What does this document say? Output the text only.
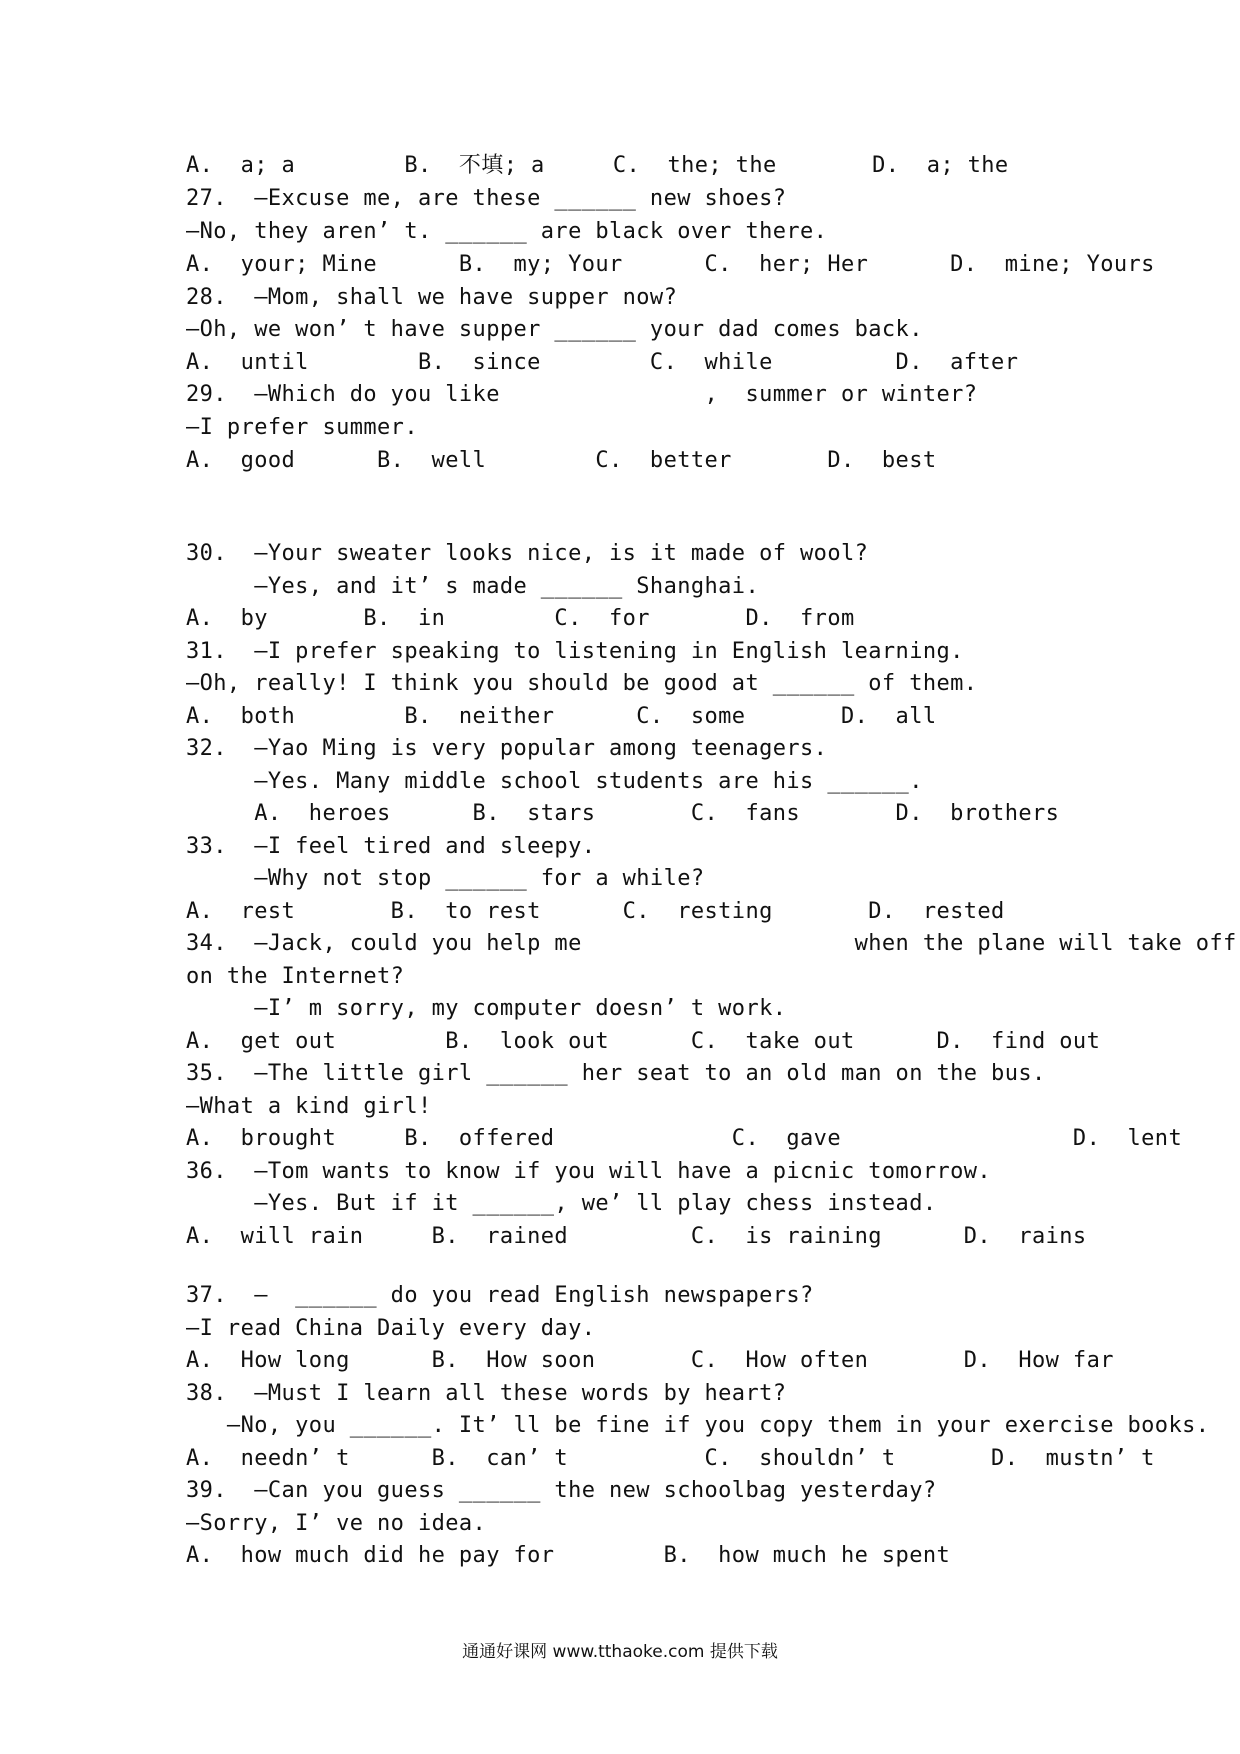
A.  a; a        B.  不填; a     C.  the; the       D.  a; the
27.  —Excuse me, are these ______ new shoes?
—No, they aren’ t. ______ are black over there.
A.  your; Mine      B.  my; Your      C.  her; Her      D.  mine; Yours
28.  —Mom, shall we have supper now?
—Oh, we won’ t have supper ______ your dad comes back.
A.  until        B.  since        C.  while         D.  after
29.  —Which do you like               ,  summer or winter?
—I prefer summer.
A.  good      B.  well        C.  better       D.  best
30.  —Your sweater looks nice, is it made of wool?
—Yes, and it’ s made ______ Shanghai.
A.  by       B.  in        C.  for       D.  from
31.  —I prefer speaking to listening in English learning.
—Oh, really! I think you should be good at ______ of them.
A.  both        B.  neither      C.  some       D.  all
32.  —Yao Ming is very popular among teenagers.
—Yes. Many middle school students are his ______.
A.  heroes      B.  stars       C.  fans       D.  brothers
33.  —I feel tired and sleepy.
—Why not stop ______ for a while?
A.  rest       B.  to rest      C.  resting       D.  rested
34.  —Jack, could you help me                    when the plane will take off
on the Internet?
—I’ m sorry, my computer doesn’ t work.
A.  get out        B.  look out      C.  take out      D.  find out
35.  —The little girl ______ her seat to an old man on the bus.
—What a kind girl!
A.  brought     B.  offered             C.  gave                 D.  lent
36.  —Tom wants to know if you will have a picnic tomorrow.
—Yes. But if it ______, we’ ll play chess instead.
A.  will rain     B.  rained         C.  is raining      D.  rains
37.  —  ______ do you read English newspapers?
—I read China Daily every day.
A.  How long      B.  How soon       C.  How often       D.  How far
38.  —Must I learn all these words by heart?
—No, you ______. It’ ll be fine if you copy them in your exercise books.
A.  needn’ t      B.  can’ t          C.  shouldn’ t       D.  mustn’ t
39.  —Can you guess ______ the new schoolbag yesterday?
—Sorry, I’ ve no idea.
A.  how much did he pay for        B.  how much he spent
通通好课网 www.tthaoke.com 提供下载
